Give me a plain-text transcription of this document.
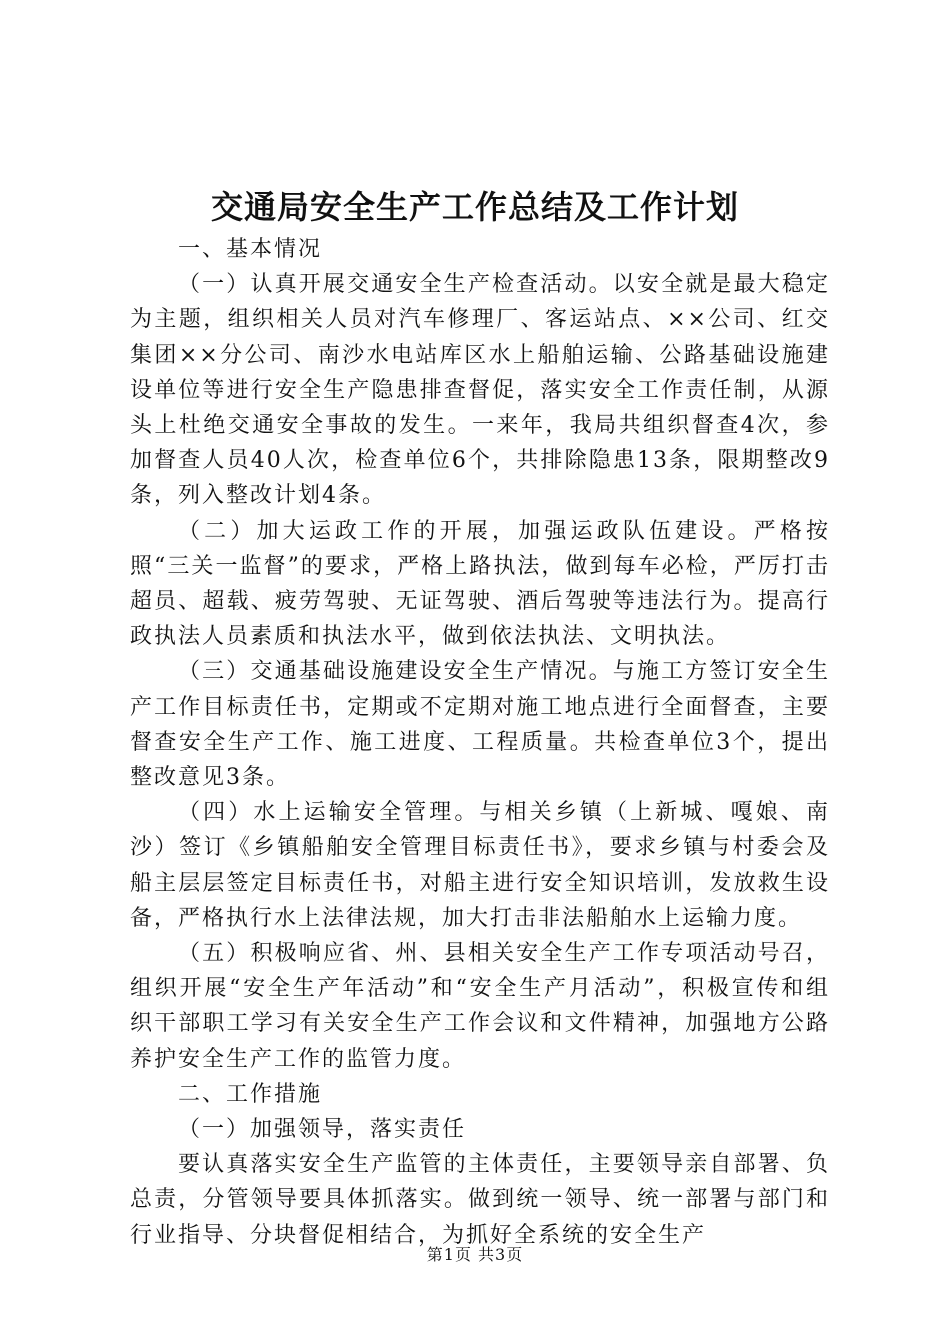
交通局安全生产工作总结及工作计划

一、基本情况

（一）认真开展交通安全生产检查活动。以安全就是最大稳定为主题，组织相关人员对汽车修理厂、客运站点、××公司、红交集团××分公司、南沙水电站库区水上船舶运输、公路基础设施建设单位等进行安全生产隐患排查督促，落实安全工作责任制，从源头上杜绝交通安全事故的发生。一来年，我局共组织督查4次，参加督查人员40人次，检查单位6个，共排除隐患13条，限期整改9条，列入整改计划4条。

（二）加大运政工作的开展，加强运政队伍建设。严格按照“三关一监督”的要求，严格上路执法，做到每车必检，严厉打击超员、超载、疲劳驾驶、无证驾驶、酒后驾驶等违法行为。提高行政执法人员素质和执法水平，做到依法执法、文明执法。

（三）交通基础设施建设安全生产情况。与施工方签订安全生产工作目标责任书，定期或不定期对施工地点进行全面督查，主要督查安全生产工作、施工进度、工程质量。共检查单位3个，提出整改意见3条。

（四）水上运输安全管理。与相关乡镇（上新城、嘎娘、南沙）签订《乡镇船舶安全管理目标责任书》，要求乡镇与村委会及船主层层签定目标责任书，对船主进行安全知识培训，发放救生设备，严格执行水上法律法规，加大打击非法船舶水上运输力度。

（五）积极响应省、州、县相关安全生产工作专项活动号召，组织开展“安全生产年活动”和“安全生产月活动”，积极宣传和组织干部职工学习有关安全生产工作会议和文件精神，加强地方公路养护安全生产工作的监管力度。

二、工作措施

（一）加强领导，落实责任

要认真落实安全生产监管的主体责任，主要领导亲自部署、负总责，分管领导要具体抓落实。做到统一领导、统一部署与部门和行业指导、分块督促相结合，为抓好全系统的安全生产

第1页 共3页
